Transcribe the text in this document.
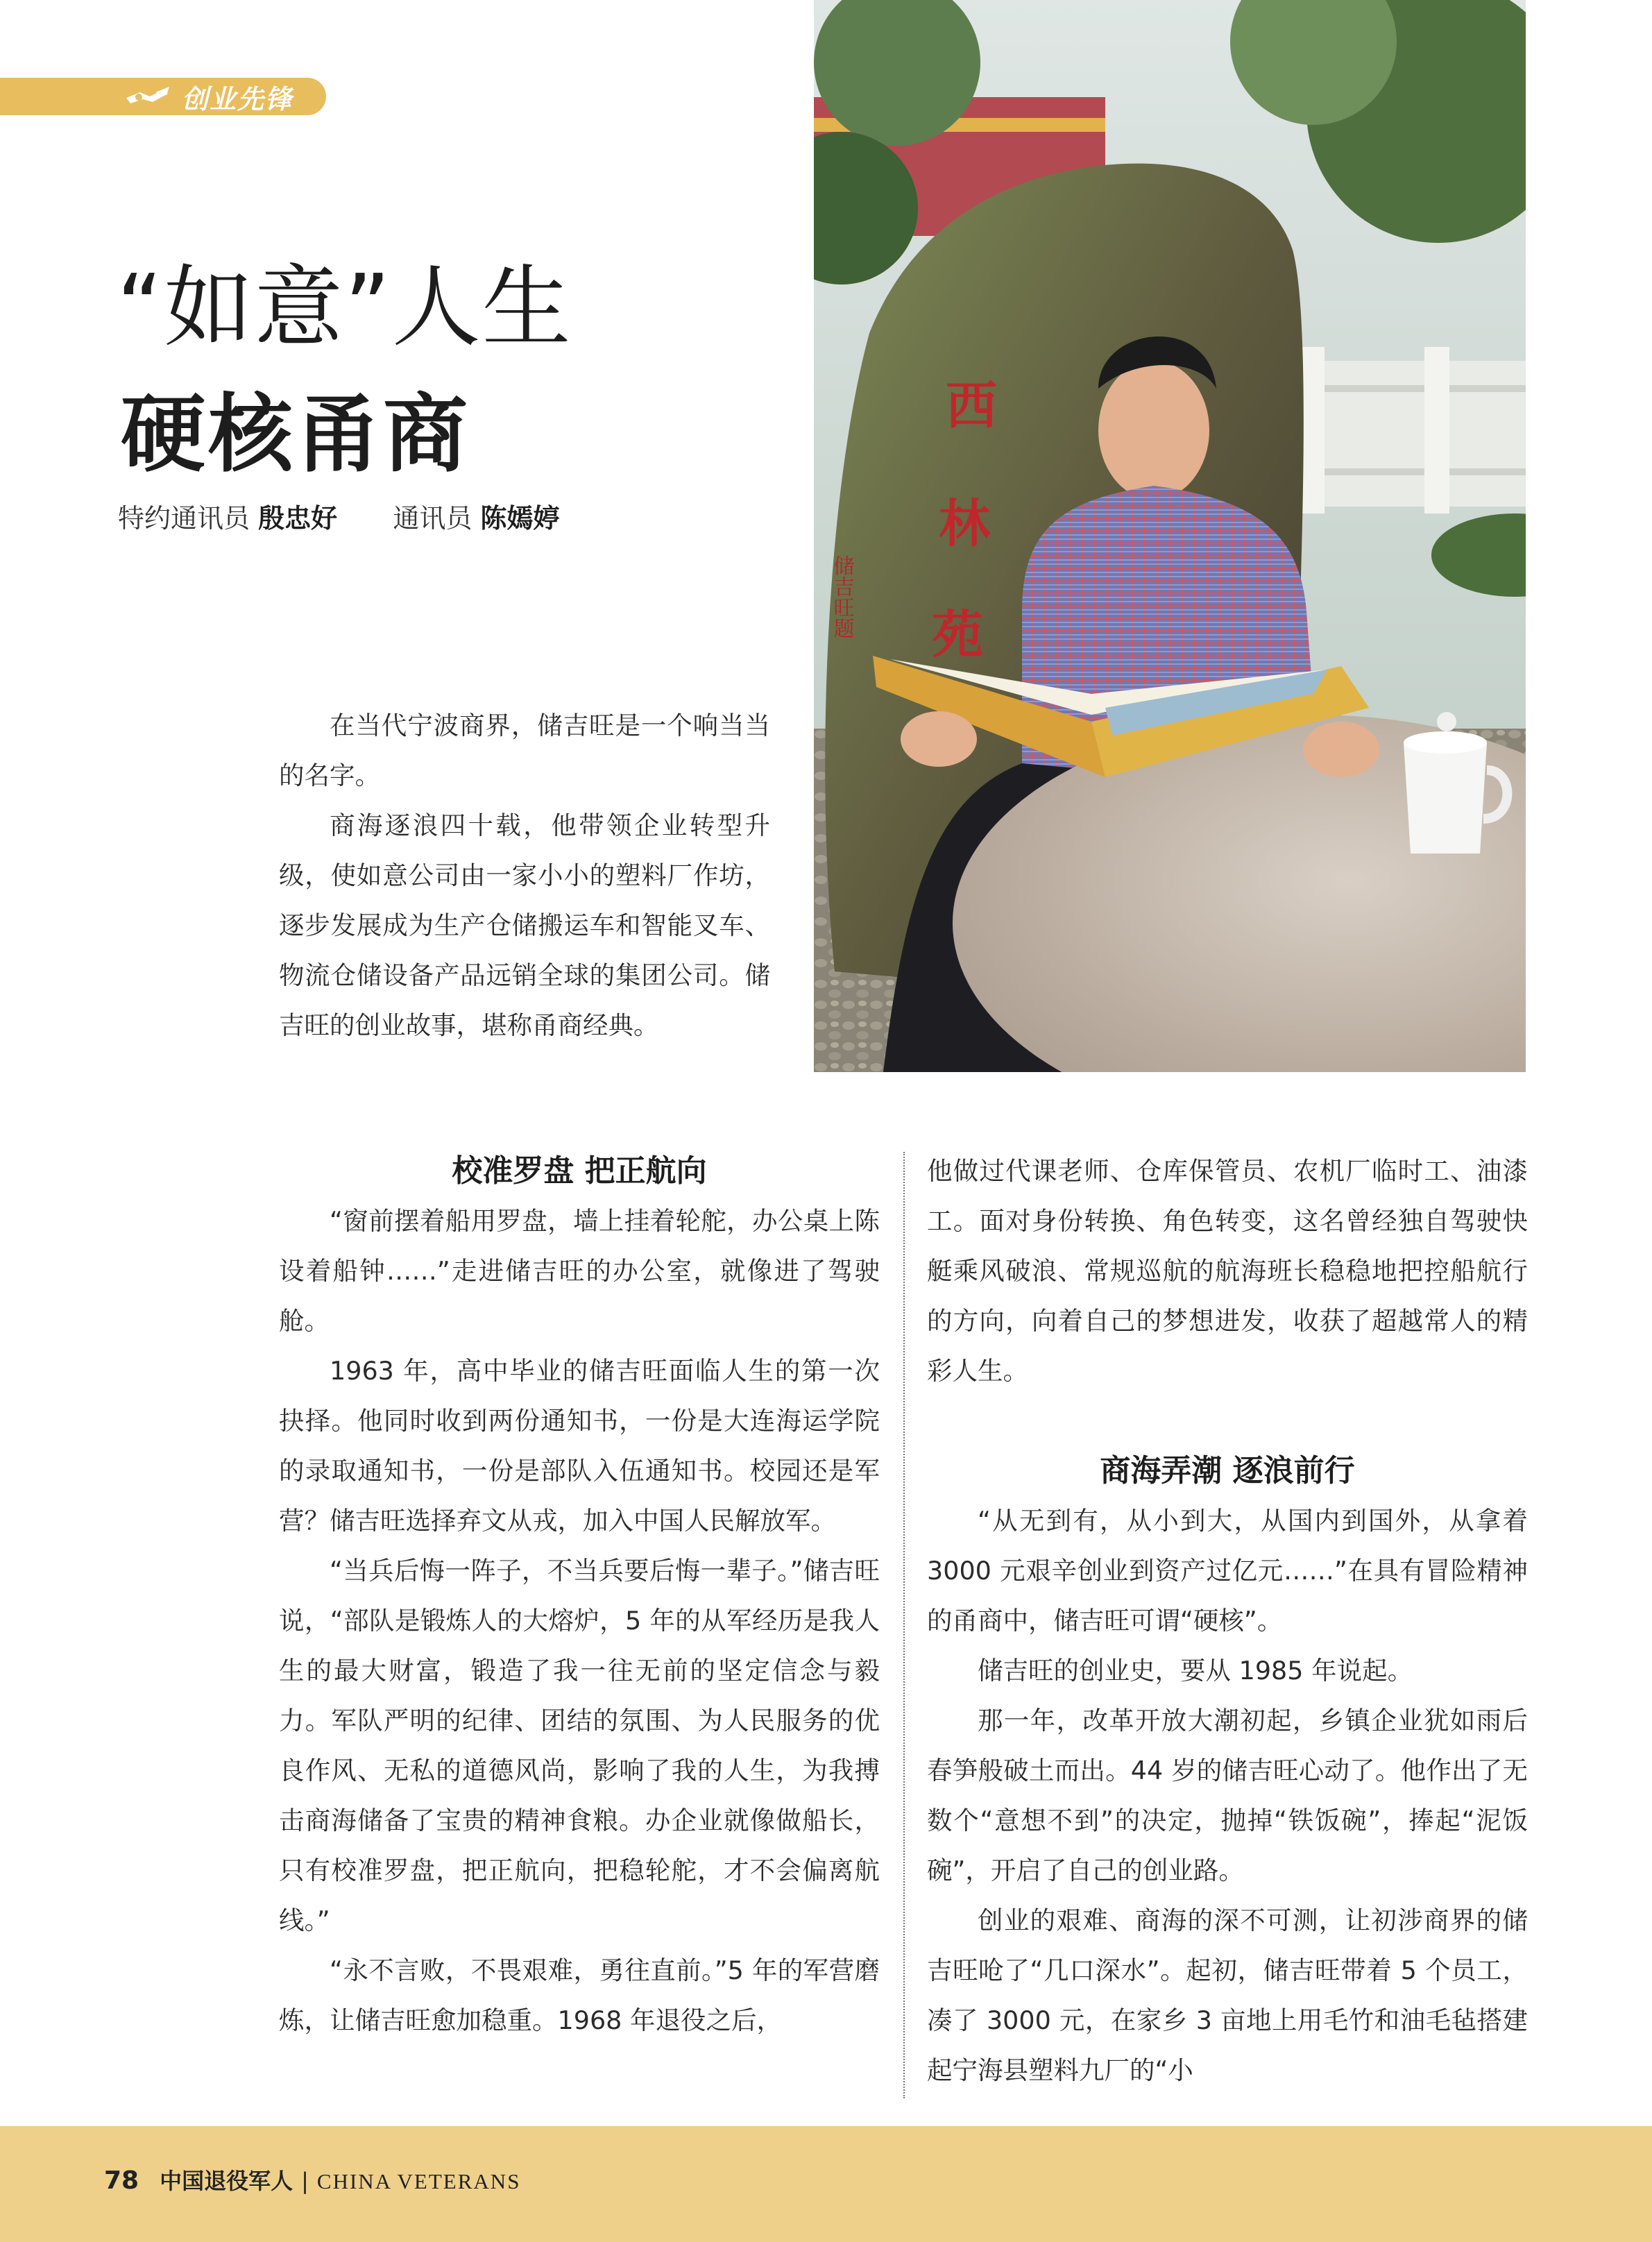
创业先锋
“如意”人生
硬核甬商
特约通讯员 殷忠好 通讯员 陈嫣婷
西
林
苑
储吉旺题

在当代宁波商界，储吉旺是一个响当当的名字。

商海逐浪四十载，他带领企业转型升级，使如意公司由一家小小的塑料厂作坊，逐步发展成为生产仓储搬运车和智能叉车、物流仓储设备产品远销全球的集团公司。储吉旺的创业故事，堪称甬商经典。

校准罗盘 把正航向

“窗前摆着船用罗盘，墙上挂着轮舵，办公桌上陈设着船钟……”走进储吉旺的办公室，就像进了驾驶舱。

1963 年，高中毕业的储吉旺面临人生的第一次抉择。他同时收到两份通知书，一份是大连海运学院的录取通知书，一份是部队入伍通知书。校园还是军营？储吉旺选择弃文从戎，加入中国人民解放军。

“当兵后悔一阵子，不当兵要后悔一辈子。”储吉旺说，“部队是锻炼人的大熔炉，5 年的从军经历是我人生的最大财富，锻造了我一往无前的坚定信念与毅力。军队严明的纪律、团结的氛围、为人民服务的优良作风、无私的道德风尚，影响了我的人生，为我搏击商海储备了宝贵的精神食粮。办企业就像做船长，只有校准罗盘，把正航向，把稳轮舵，才不会偏离航线。”

“永不言败，不畏艰难，勇往直前。”5 年的军营磨炼，让储吉旺愈加稳重。1968 年退役之后，

他做过代课老师、仓库保管员、农机厂临时工、油漆工。面对身份转换、角色转变，这名曾经独自驾驶快艇乘风破浪、常规巡航的航海班长稳稳地把控船航行的方向，向着自己的梦想进发，收获了超越常人的精彩人生。

商海弄潮 逐浪前行

“从无到有，从小到大，从国内到国外，从拿着 3000 元艰辛创业到资产过亿元……”在具有冒险精神的甬商中，储吉旺可谓“硬核”。

储吉旺的创业史，要从 1985 年说起。

那一年，改革开放大潮初起，乡镇企业犹如雨后春笋般破土而出。44 岁的储吉旺心动了。他作出了无数个“意想不到”的决定，抛掉“铁饭碗”，捧起“泥饭碗”，开启了自己的创业路。

创业的艰难、商海的深不可测，让初涉商界的储吉旺呛了“几口深水”。起初，储吉旺带着 5 个员工，凑了 3000 元，在家乡 3 亩地上用毛竹和油毛毡搭建起宁海县塑料九厂的“小

78 中国退役军人 | CHINA VETERANS
